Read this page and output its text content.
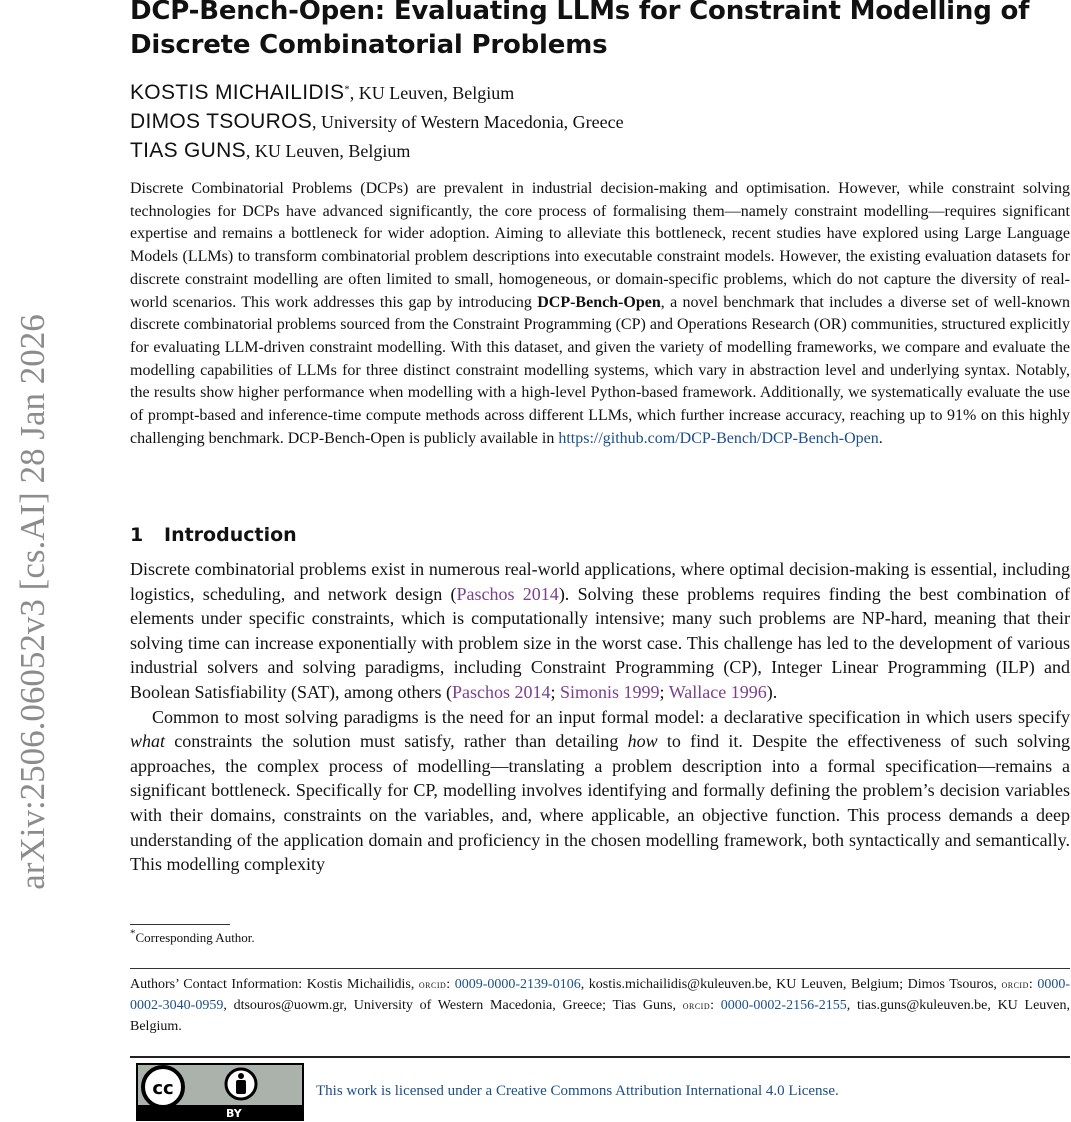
arXiv:2506.06052v3 [cs.AI] 28 Jan 2026
DCP-Bench-Open: Evaluating LLMs for Constraint Modelling of Discrete Combinatorial Problems
KOSTIS MICHAILIDIS*, KU Leuven, Belgium
DIMOS TSOUROS, University of Western Macedonia, Greece
TIAS GUNS, KU Leuven, Belgium

Discrete Combinatorial Problems (DCPs) are prevalent in industrial decision-making and optimisation. However, while constraint solving technologies for DCPs have advanced significantly, the core process of formalising them—namely constraint modelling—requires significant expertise and remains a bottleneck for wider adoption. Aiming to alleviate this bottleneck, recent studies have explored using Large Language Models (LLMs) to transform combinatorial problem descriptions into executable constraint models. However, the existing evaluation datasets for discrete constraint modelling are often limited to small, homogeneous, or domain-specific problems, which do not capture the diversity of real-world scenarios. This work addresses this gap by introducing DCP-Bench-Open, a novel benchmark that includes a diverse set of well-known discrete combinatorial problems sourced from the Constraint Programming (CP) and Operations Research (OR) communities, structured explicitly for evaluating LLM-driven constraint modelling. With this dataset, and given the variety of modelling frameworks, we compare and evaluate the modelling capabilities of LLMs for three distinct constraint modelling systems, which vary in abstraction level and underlying syntax. Notably, the results show higher performance when modelling with a high-level Python-based framework. Additionally, we systematically evaluate the use of prompt-based and inference-time compute methods across different LLMs, which further increase accuracy, reaching up to 91% on this highly challenging benchmark. DCP-Bench-Open is publicly available in https://github.com/DCP-Bench/DCP-Bench-Open.

1 Introduction

Discrete combinatorial problems exist in numerous real-world applications, where optimal decision-making is essential, including logistics, scheduling, and network design (Paschos 2014). Solving these problems requires finding the best combination of elements under specific constraints, which is computationally intensive; many such problems are NP-hard, meaning that their solving time can increase exponentially with problem size in the worst case. This challenge has led to the development of various industrial solvers and solving paradigms, including Constraint Programming (CP), Integer Linear Programming (ILP) and Boolean Satisfiability (SAT), among others (Paschos 2014; Simonis 1999; Wallace 1996).

Common to most solving paradigms is the need for an input formal model: a declarative specification in which users specify what constraints the solution must satisfy, rather than detailing how to find it. Despite the effectiveness of such solving approaches, the complex process of modelling—translating a problem description into a formal specification—remains a significant bottleneck. Specifically for CP, modelling involves identifying and formally defining the problem’s decision variables with their domains, constraints on the variables, and, where applicable, an objective function. This process demands a deep understanding of the application domain and proficiency in the chosen modelling framework, both syntactically and semantically. This modelling complexity

*Corresponding Author.

Authors’ Contact Information: Kostis Michailidis, orcid: 0009-0000-2139-0106, kostis.michailidis@kuleuven.be, KU Leuven, Belgium; Dimos Tsouros, orcid: 0000-0002-3040-0959, dtsouros@uowm.gr, University of Western Macedonia, Greece; Tias Guns, orcid: 0000-0002-2156-2155, tias.guns@kuleuven.be, KU Leuven, Belgium.

cc
BY
This work is licensed under a Creative Commons Attribution International 4.0 License.
